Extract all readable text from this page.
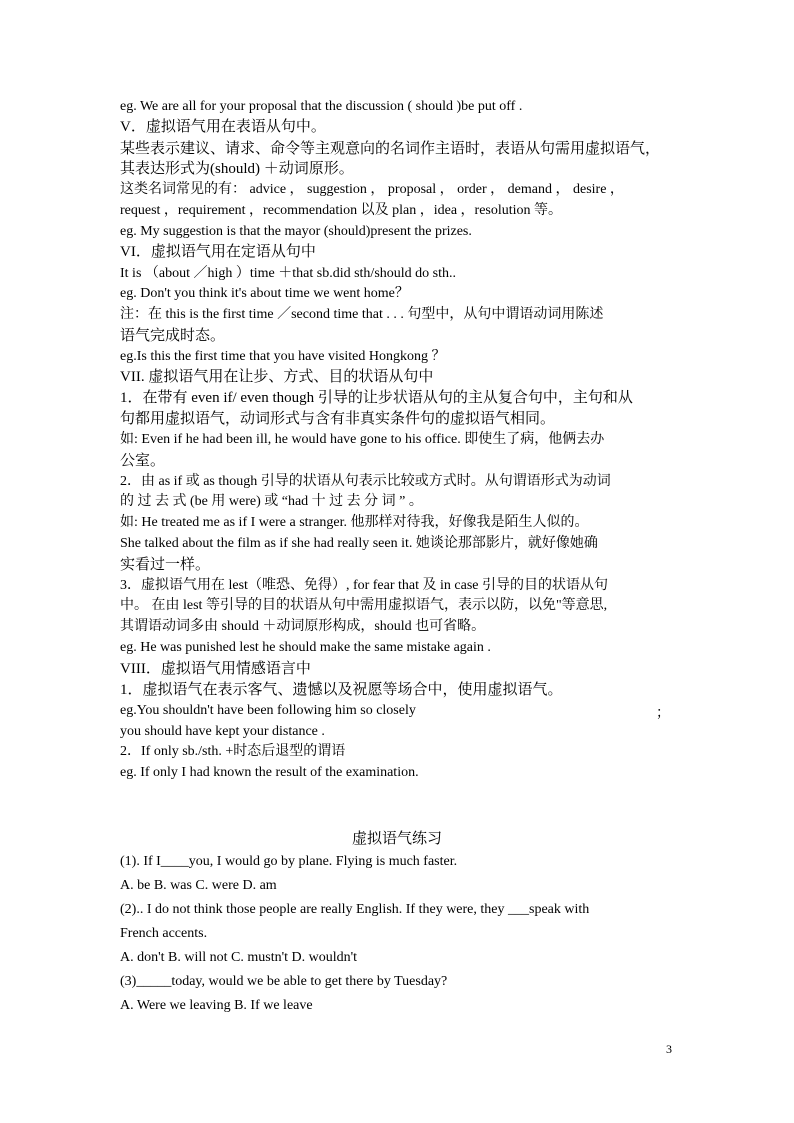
eg. We are all for your proposal that the discussion ( should )be put off .
V．虚拟语气用在表语从句中。
某些表示建议、请求、命令等主观意向的名词作主语时，表语从句需用虚拟语气，
其表达形式为(should) ＋动词原形。
这类名词常见的有： advice ， suggestion ， proposal ， order ， demand ， desire ，
request ，requirement ，recommendation 以及 plan ，idea ，resolution 等。
eg. My suggestion is that the mayor (should)present the prizes.
VI．虚拟语气用在定语从句中
It is （about ／high ）time ＋that sb.did sth/should do sth..
eg. Don't you think it's about time we went home？
注：在 this is the first time ／second time that . . . 句型中，从句中谓语动词用陈述
语气完成时态。
eg.Is this the first time that you have visited Hongkong ？
VII. 虚拟语气用在让步、方式、目的状语从句中
1．在带有 even if/ even though 引导的让步状语从句的主从复合句中，主句和从
句都用虚拟语气，动词形式与含有非真实条件句的虚拟语气相同。
如: Even if he had been ill, he would have gone to his office. 即使生了病，他俩去办
公室。
2．由 as if 或 as though 引导的状语从句表示比较或方式时。从句谓语形式为动词
的 过 去 式 (be 用 were) 或 “had 十 过 去 分 词 ” 。
如: He treated me as if I were a stranger. 他那样对待我，好像我是陌生人似的。
She talked about the film as if she had really seen it. 她谈论那部影片，就好像她确
实看过一样。
3．虚拟语气用在 lest（唯恐、免得）, for fear that 及 in case 引导的目的状语从句
中。 在由 lest 等引导的目的状语从句中需用虚拟语气，表示以防，以免"等意思,
其谓语动词多由 should ＋动词原形构成，should 也可省略。
eg. He was punished lest he should make the same mistake again .
VIII．虚拟语气用情感语言中
1．虚拟语气在表示客气、遗憾以及祝愿等场合中，使用虚拟语气。
eg.You shouldn't have been following him so closely	；
you should have kept your distance .
2．If only sb./sth. +时态后退型的谓语
eg. If only I had known the result of the examination.
虚拟语气练习
(1). If I____you, I would go by plane. Flying is much faster.
A. be B. was C. were D. am
(2).. I do not think those people are really English. If they were, they ___speak with
French accents.
A. don't B. will not C. mustn't D. wouldn't
(3)_____today, would we be able to get there by Tuesday?
A. Were we leaving B. If we leave
3
